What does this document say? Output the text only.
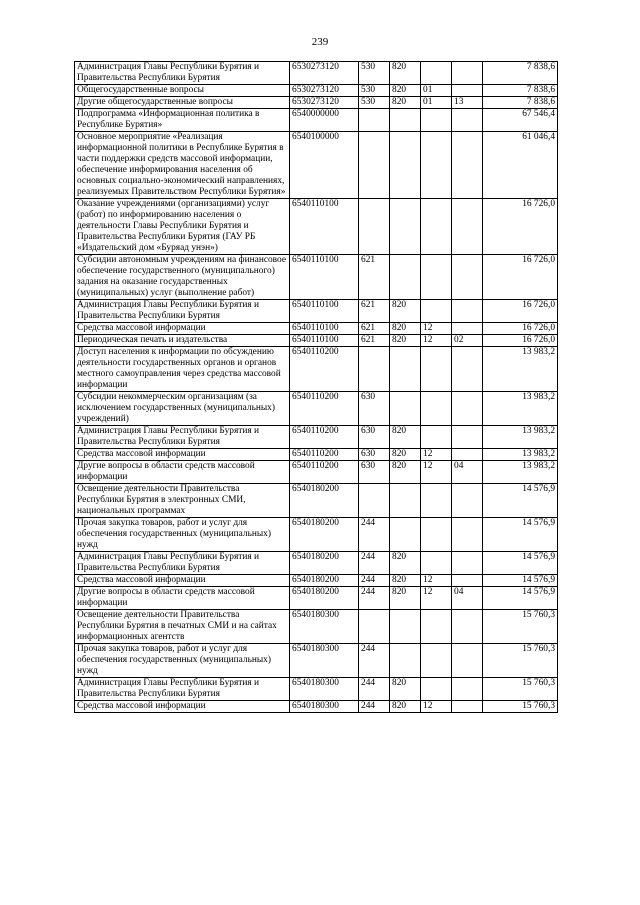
239
Администрация Главы Республики Бурятия и Правительства Республики Бурятия	6530273120	530	820			7 838,6
Общегосударственные вопросы	6530273120	530	820	01		7 838,6
Другие общегосударственные вопросы	6530273120	530	820	01	13	7 838,6
Подпрограмма «Информационная политика в Республике Бурятия»	6540000000					67 546,4
Основное мероприятие «Реализация информационной политики в Республике Бурятия в части поддержки средств массовой информации, обеспечение информирования населения об основных социально-экономический направлениях, реализуемых Правительством Республики Бурятия»	6540100000					61 046,4
Оказание учреждениями (организациями) услуг (работ) по информированию населения о деятельности Главы Республики Бурятия и Правительства Республики Бурятия (ГАУ РБ «Издательский дом «Буряад унэн»)	6540110100					16 726,0
Субсидии автономным учреждениям на финансовое обеспечение государственного (муниципального) задания на оказание государственных (муниципальных) услуг (выполнение работ)	6540110100	621				16 726,0
Администрация Главы Республики Бурятия и Правительства Республики Бурятия	6540110100	621	820			16 726,0
Средства массовой информации	6540110100	621	820	12		16 726,0
Периодическая печать и издательства	6540110100	621	820	12	02	16 726,0
Доступ населения к информации по обсуждению деятельности государственных органов и органов местного самоуправления через средства массовой информации	6540110200					13 983,2
Субсидии некоммерческим организациям (за исключением государственных (муниципальных) учреждений)	6540110200	630				13 983,2
Администрация Главы Республики Бурятия и Правительства Республики Бурятия	6540110200	630	820			13 983,2
Средства массовой информации	6540110200	630	820	12		13 983,2
Другие вопросы в области средств массовой информации	6540110200	630	820	12	04	13 983,2
Освещение деятельности Правительства Республики Бурятия в электронных СМИ, национальных программах	6540180200					14 576,9
Прочая закупка товаров, работ и услуг для обеспечения государственных (муниципальных) нужд	6540180200	244				14 576,9
Администрация Главы Республики Бурятия и Правительства Республики Бурятия	6540180200	244	820			14 576,9
Средства массовой информации	6540180200	244	820	12		14 576,9
Другие вопросы в области средств массовой информации	6540180200	244	820	12	04	14 576,9
Освещение деятельности Правительства Республики Бурятия в печатных СМИ и на сайтах информационных агентств	6540180300					15 760,3
Прочая закупка товаров, работ и услуг для обеспечения государственных (муниципальных) нужд	6540180300	244				15 760,3
Администрация Главы Республики Бурятия и Правительства Республики Бурятия	6540180300	244	820			15 760,3
Средства массовой информации	6540180300	244	820	12		15 760,3
